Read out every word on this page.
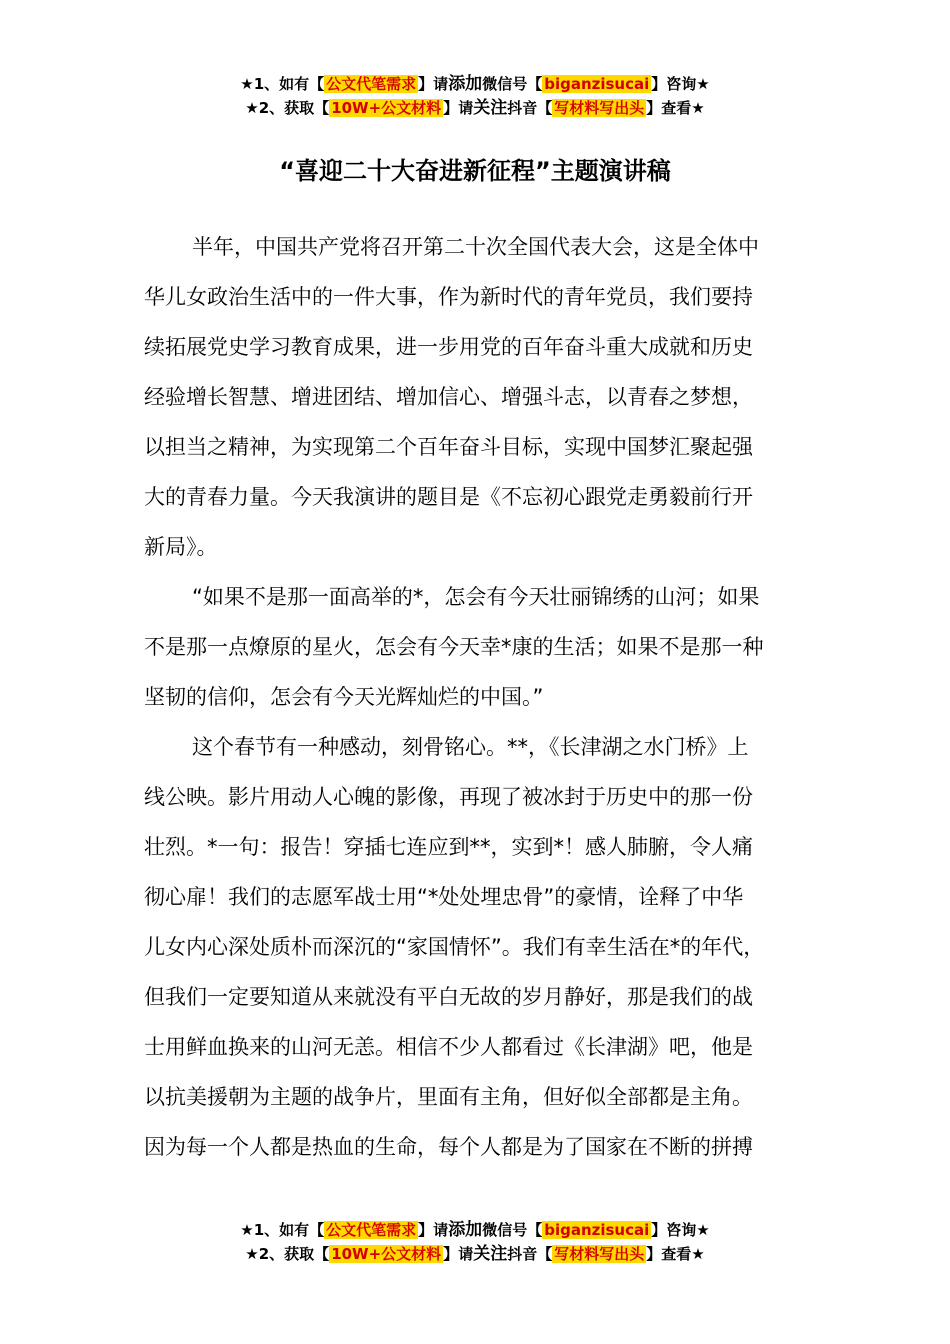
★1、如有【 公文代笔需求 】请添加微信号【 biganzisucai 】咨询★
★2、获取【 10W+公文材料 】请关注抖音【 写材料写出头 】查看★
“喜迎二十大奋进新征程”主题演讲稿
半年，中国共产党将召开第二十次全国代表大会，这是全体中
华儿女政治生活中的一件大事，作为新时代的青年党员，我们要持
续拓展党史学习教育成果，进一步用党的百年奋斗重大成就和历史
经验增长智慧、增进团结、增加信心、增强斗志，以青春之梦想，
以担当之精神，为实现第二个百年奋斗目标，实现中国梦汇聚起强
大的青春力量。今天我演讲的题目是《不忘初心跟党走勇毅前行开
新局》。
“如果不是那一面高举的*，怎会有今天壮丽锦绣的山河；如果
不是那一点燎原的星火，怎会有今天幸*康的生活；如果不是那一种
坚韧的信仰，怎会有今天光辉灿烂的中国。”
这个春节有一种感动，刻骨铭心。**，《长津湖之水门桥》上
线公映。影片用动人心魄的影像，再现了被冰封于历史中的那一份
壮烈。*一句：报告！穿插七连应到**，实到*！感人肺腑，令人痛
彻心扉！我们的志愿军战士用“*处处埋忠骨”的豪情，诠释了中华
儿女内心深处质朴而深沉的“家国情怀”。我们有幸生活在*的年代，
但我们一定要知道从来就没有平白无故的岁月静好，那是我们的战
士用鲜血换来的山河无恙。相信不少人都看过《长津湖》吧，他是
以抗美援朝为主题的战争片，里面有主角，但好似全部都是主角。
因为每一个人都是热血的生命，每个人都是为了国家在不断的拼搏
★1、如有【 公文代笔需求 】请添加微信号【 biganzisucai 】咨询★
★2、获取【 10W+公文材料 】请关注抖音【 写材料写出头 】查看★
